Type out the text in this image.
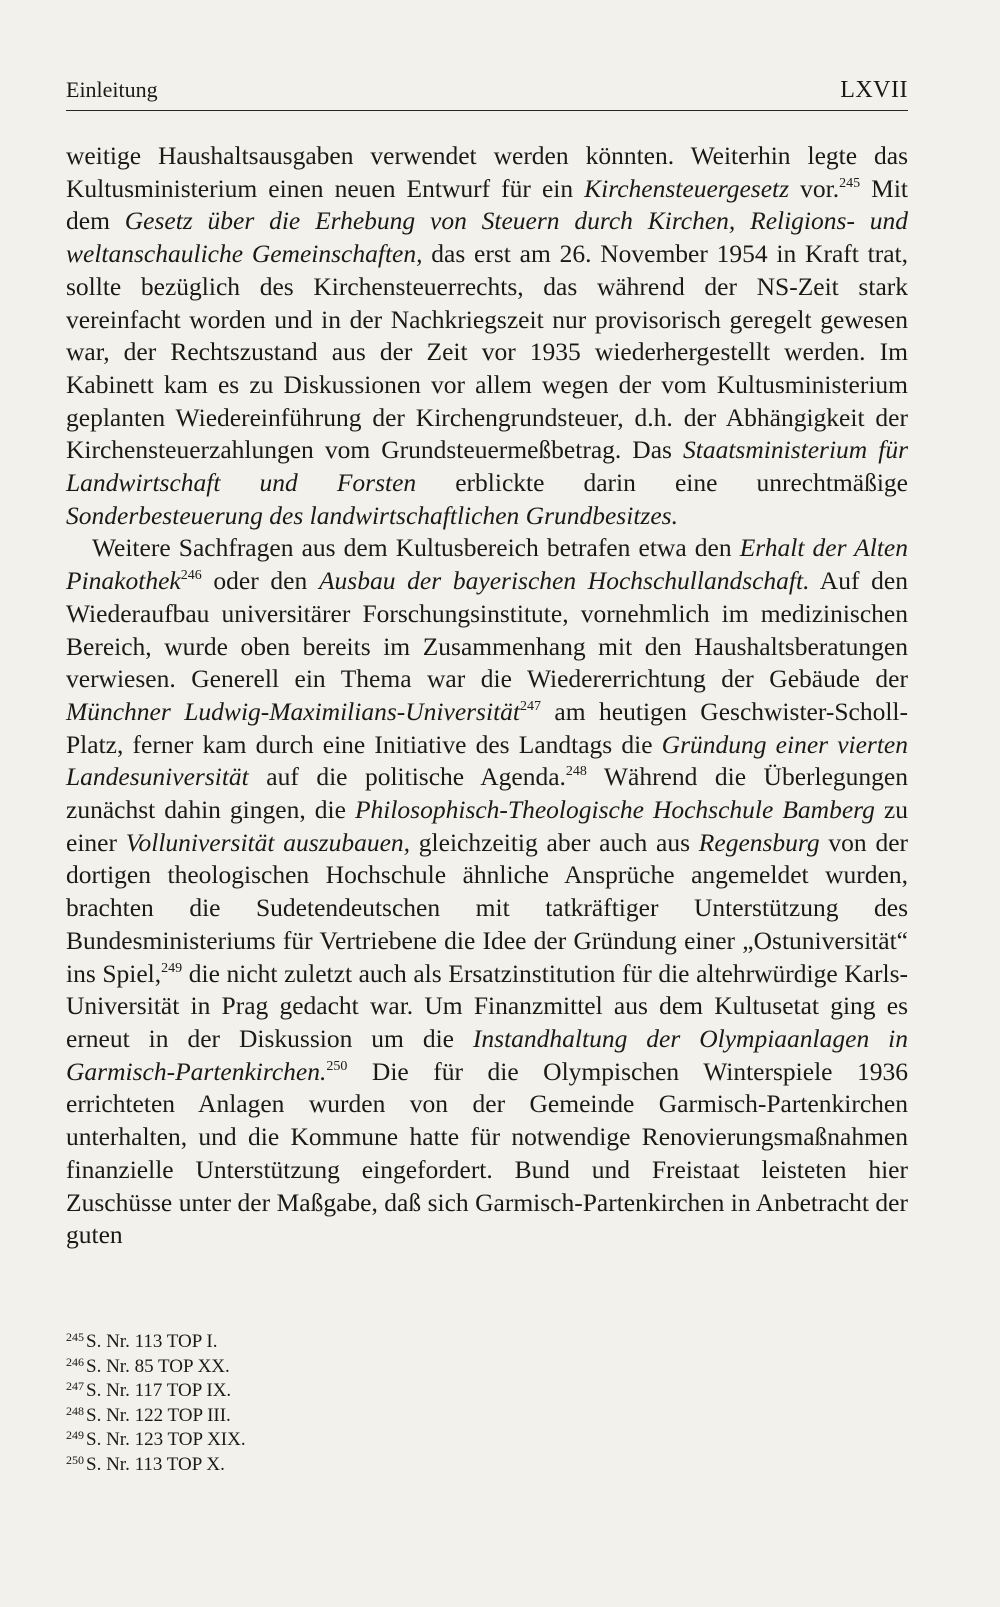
Einleitung	LXVII

weitige Haushaltsausgaben verwendet werden könnten. Weiterhin legte das Kultusministerium einen neuen Entwurf für ein Kirchensteuergesetz vor.$^{245}$ Mit dem Gesetz über die Erhebung von Steuern durch Kirchen, Religions- und weltanschauliche Gemeinschaften, das erst am 26. November 1954 in Kraft trat, sollte bezüglich des Kirchensteuerrechts, das während der NS-Zeit stark vereinfacht worden und in der Nachkriegszeit nur provisorisch geregelt gewesen war, der Rechtszustand aus der Zeit vor 1935 wiederhergestellt werden. Im Kabinett kam es zu Diskussionen vor allem wegen der vom Kultusministerium geplanten Wiedereinführung der Kirchengrundsteuer, d.h. der Abhängigkeit der Kirchensteuerzahlungen vom Grundsteuermeßbetrag. Das Staatsministerium für Landwirtschaft und Forsten erblickte darin eine unrechtmäßige Sonderbesteuerung des landwirtschaftlichen Grundbesitzes.

Weitere Sachfragen aus dem Kultusbereich betrafen etwa den Erhalt der Alten Pinakothek$^{246}$ oder den Ausbau der bayerischen Hochschullandschaft. Auf den Wiederaufbau universitärer Forschungsinstitute, vornehmlich im medizinischen Bereich, wurde oben bereits im Zusammenhang mit den Haushaltsberatungen verwiesen. Generell ein Thema war die Wiedererrichtung der Gebäude der Münchner Ludwig-Maximilians-Universität$^{247}$ am heutigen Geschwister-Scholl-Platz, ferner kam durch eine Initiative des Landtags die Gründung einer vierten Landesuniversität auf die politische Agenda.$^{248}$ Während die Überlegungen zunächst dahin gingen, die Philosophisch-Theologische Hochschule Bamberg zu einer Volluniversität auszubauen, gleichzeitig aber auch aus Regensburg von der dortigen theologischen Hochschule ähnliche Ansprüche angemeldet wurden, brachten die Sudetendeutschen mit tatkräftiger Unterstützung des Bundesministeriums für Vertriebene die Idee der Gründung einer „Ostuniversität“ ins Spiel,$^{249}$ die nicht zuletzt auch als Ersatzinstitution für die altehrwürdige Karls-Universität in Prag gedacht war. Um Finanzmittel aus dem Kultusetat ging es erneut in der Diskussion um die Instandhaltung der Olympiaanlagen in Garmisch-Partenkirchen.$^{250}$ Die für die Olympischen Winterspiele 1936 errichteten Anlagen wurden von der Gemeinde Garmisch-Partenkirchen unterhalten, und die Kommune hatte für notwendige Renovierungsmaßnahmen finanzielle Unterstützung eingefordert. Bund und Freistaat leisteten hier Zuschüsse unter der Maßgabe, daß sich Garmisch-Partenkirchen in Anbetracht der guten

$^{245}$ S. Nr. 113 TOP I.
$^{246}$ S. Nr. 85 TOP XX.
$^{247}$ S. Nr. 117 TOP IX.
$^{248}$ S. Nr. 122 TOP III.
$^{249}$ S. Nr. 123 TOP XIX.
$^{250}$ S. Nr. 113 TOP X.
